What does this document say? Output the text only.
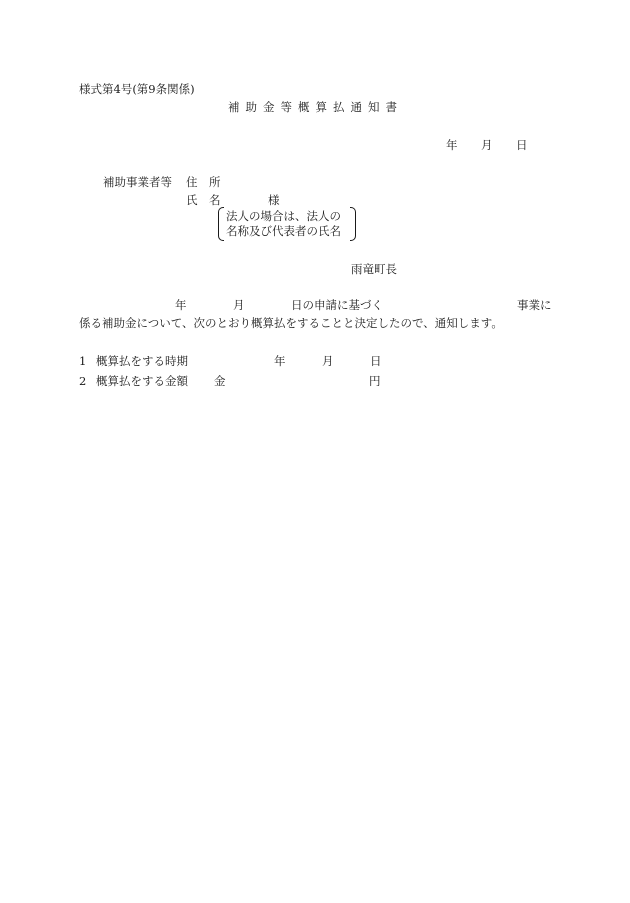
様式第4号(第9条関係)
補助金等概算払通知書
年 月 日
補助事業者等 住　所
氏　名	様
法人の場合は、法人の
名称及び代表者の氏名
雨竜町長
年	月	日の申請に基づく	事業に
係る補助金について、次のとおり概算払をすることと決定したので、通知します。
1 概算払をする時期	年	月	日
2 概算払をする金額 金	円
